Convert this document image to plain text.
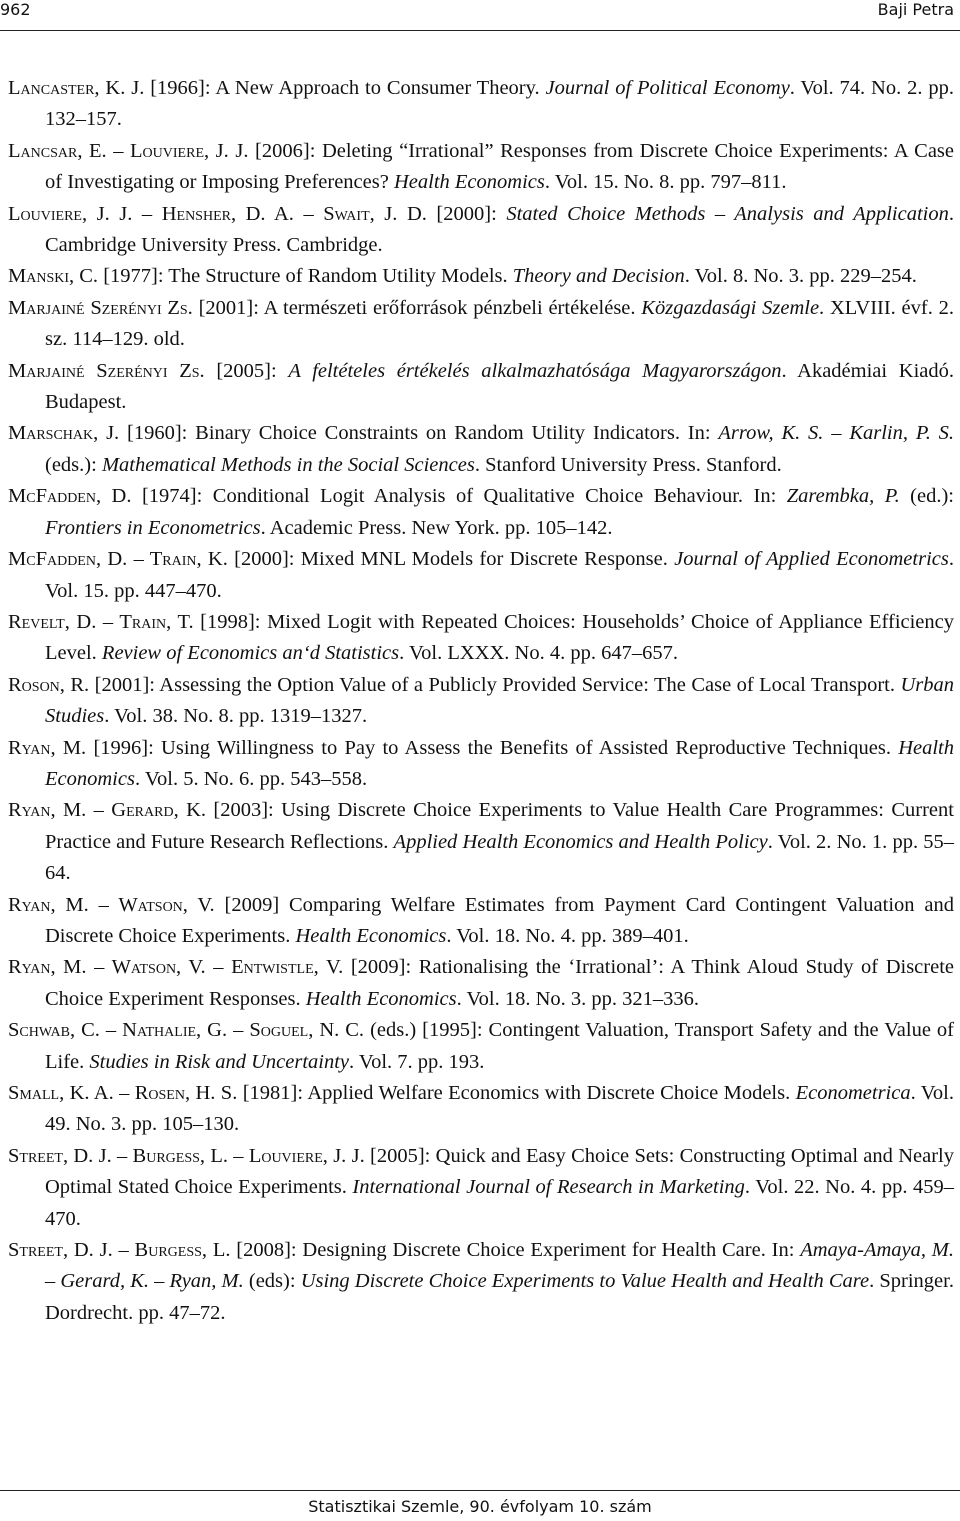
962	Baji Petra

Lancaster, K. J. [1966]: A New Approach to Consumer Theory. Journal of Political Economy. Vol. 74. No. 2. pp. 132–157.

Lancsar, E. – Louviere, J. J. [2006]: Deleting “Irrational” Responses from Discrete Choice Experiments: A Case of Investigating or Imposing Preferences? Health Economics. Vol. 15. No. 8. pp. 797–811.

Louviere, J. J. – Hensher, D. A. – Swait, J. D. [2000]: Stated Choice Methods – Analysis and Application. Cambridge University Press. Cambridge.

Manski, C. [1977]: The Structure of Random Utility Models. Theory and Decision. Vol. 8. No. 3. pp. 229–254.

Marjainé Szerényi Zs. [2001]: A természeti erőforrások pénzbeli értékelése. Közgazdasági Szemle. XLVIII. évf. 2. sz. 114–129. old.

Marjainé Szerényi Zs. [2005]: A feltételes értékelés alkalmazhatósága Magyarországon. Akadémiai Kiadó. Budapest.

Marschak, J. [1960]: Binary Choice Constraints on Random Utility Indicators. In: Arrow, K. S. – Karlin, P. S. (eds.): Mathematical Methods in the Social Sciences. Stanford University Press. Stanford.

McFadden, D. [1974]: Conditional Logit Analysis of Qualitative Choice Behaviour. In: Zarembka, P. (ed.): Frontiers in Econometrics. Academic Press. New York. pp. 105–142.

McFadden, D. – Train, K. [2000]: Mixed MNL Models for Discrete Response. Journal of Applied Econometrics. Vol. 15. pp. 447–470.

Revelt, D. – Train, T. [1998]: Mixed Logit with Repeated Choices: Households’ Choice of Appliance Efficiency Level. Review of Economics an‘d Statistics. Vol. LXXX. No. 4. pp. 647–657.

Roson, R. [2001]: Assessing the Option Value of a Publicly Provided Service: The Case of Local Transport. Urban Studies. Vol. 38. No. 8. pp. 1319–1327.

Ryan, M. [1996]: Using Willingness to Pay to Assess the Benefits of Assisted Reproductive Techniques. Health Economics. Vol. 5. No. 6. pp. 543–558.

Ryan, M. – Gerard, K. [2003]: Using Discrete Choice Experiments to Value Health Care Programmes: Current Practice and Future Research Reflections. Applied Health Economics and Health Policy. Vol. 2. No. 1. pp. 55–64.

Ryan, M. – Watson, V. [2009] Comparing Welfare Estimates from Payment Card Contingent Valuation and Discrete Choice Experiments. Health Economics. Vol. 18. No. 4. pp. 389–401.

Ryan, M. – Watson, V. – Entwistle, V. [2009]: Rationalising the ‘Irrational’: A Think Aloud Study of Discrete Choice Experiment Responses. Health Economics. Vol. 18. No. 3. pp. 321–336.

Schwab, C. – Nathalie, G. – Soguel, N. C. (eds.) [1995]: Contingent Valuation, Transport Safety and the Value of Life. Studies in Risk and Uncertainty. Vol. 7. pp. 193.

Small, K. A. – Rosen, H. S. [1981]: Applied Welfare Economics with Discrete Choice Models. Econometrica. Vol. 49. No. 3. pp. 105–130.

Street, D. J. – Burgess, L. – Louviere, J. J. [2005]: Quick and Easy Choice Sets: Constructing Optimal and Nearly Optimal Stated Choice Experiments. International Journal of Research in Marketing. Vol. 22. No. 4. pp. 459–470.

Street, D. J. – Burgess, L. [2008]: Designing Discrete Choice Experiment for Health Care. In: Amaya-Amaya, M. – Gerard, K. – Ryan, M. (eds): Using Discrete Choice Experiments to Value Health and Health Care. Springer. Dordrecht. pp. 47–72.

Statisztikai Szemle, 90. évfolyam 10. szám
